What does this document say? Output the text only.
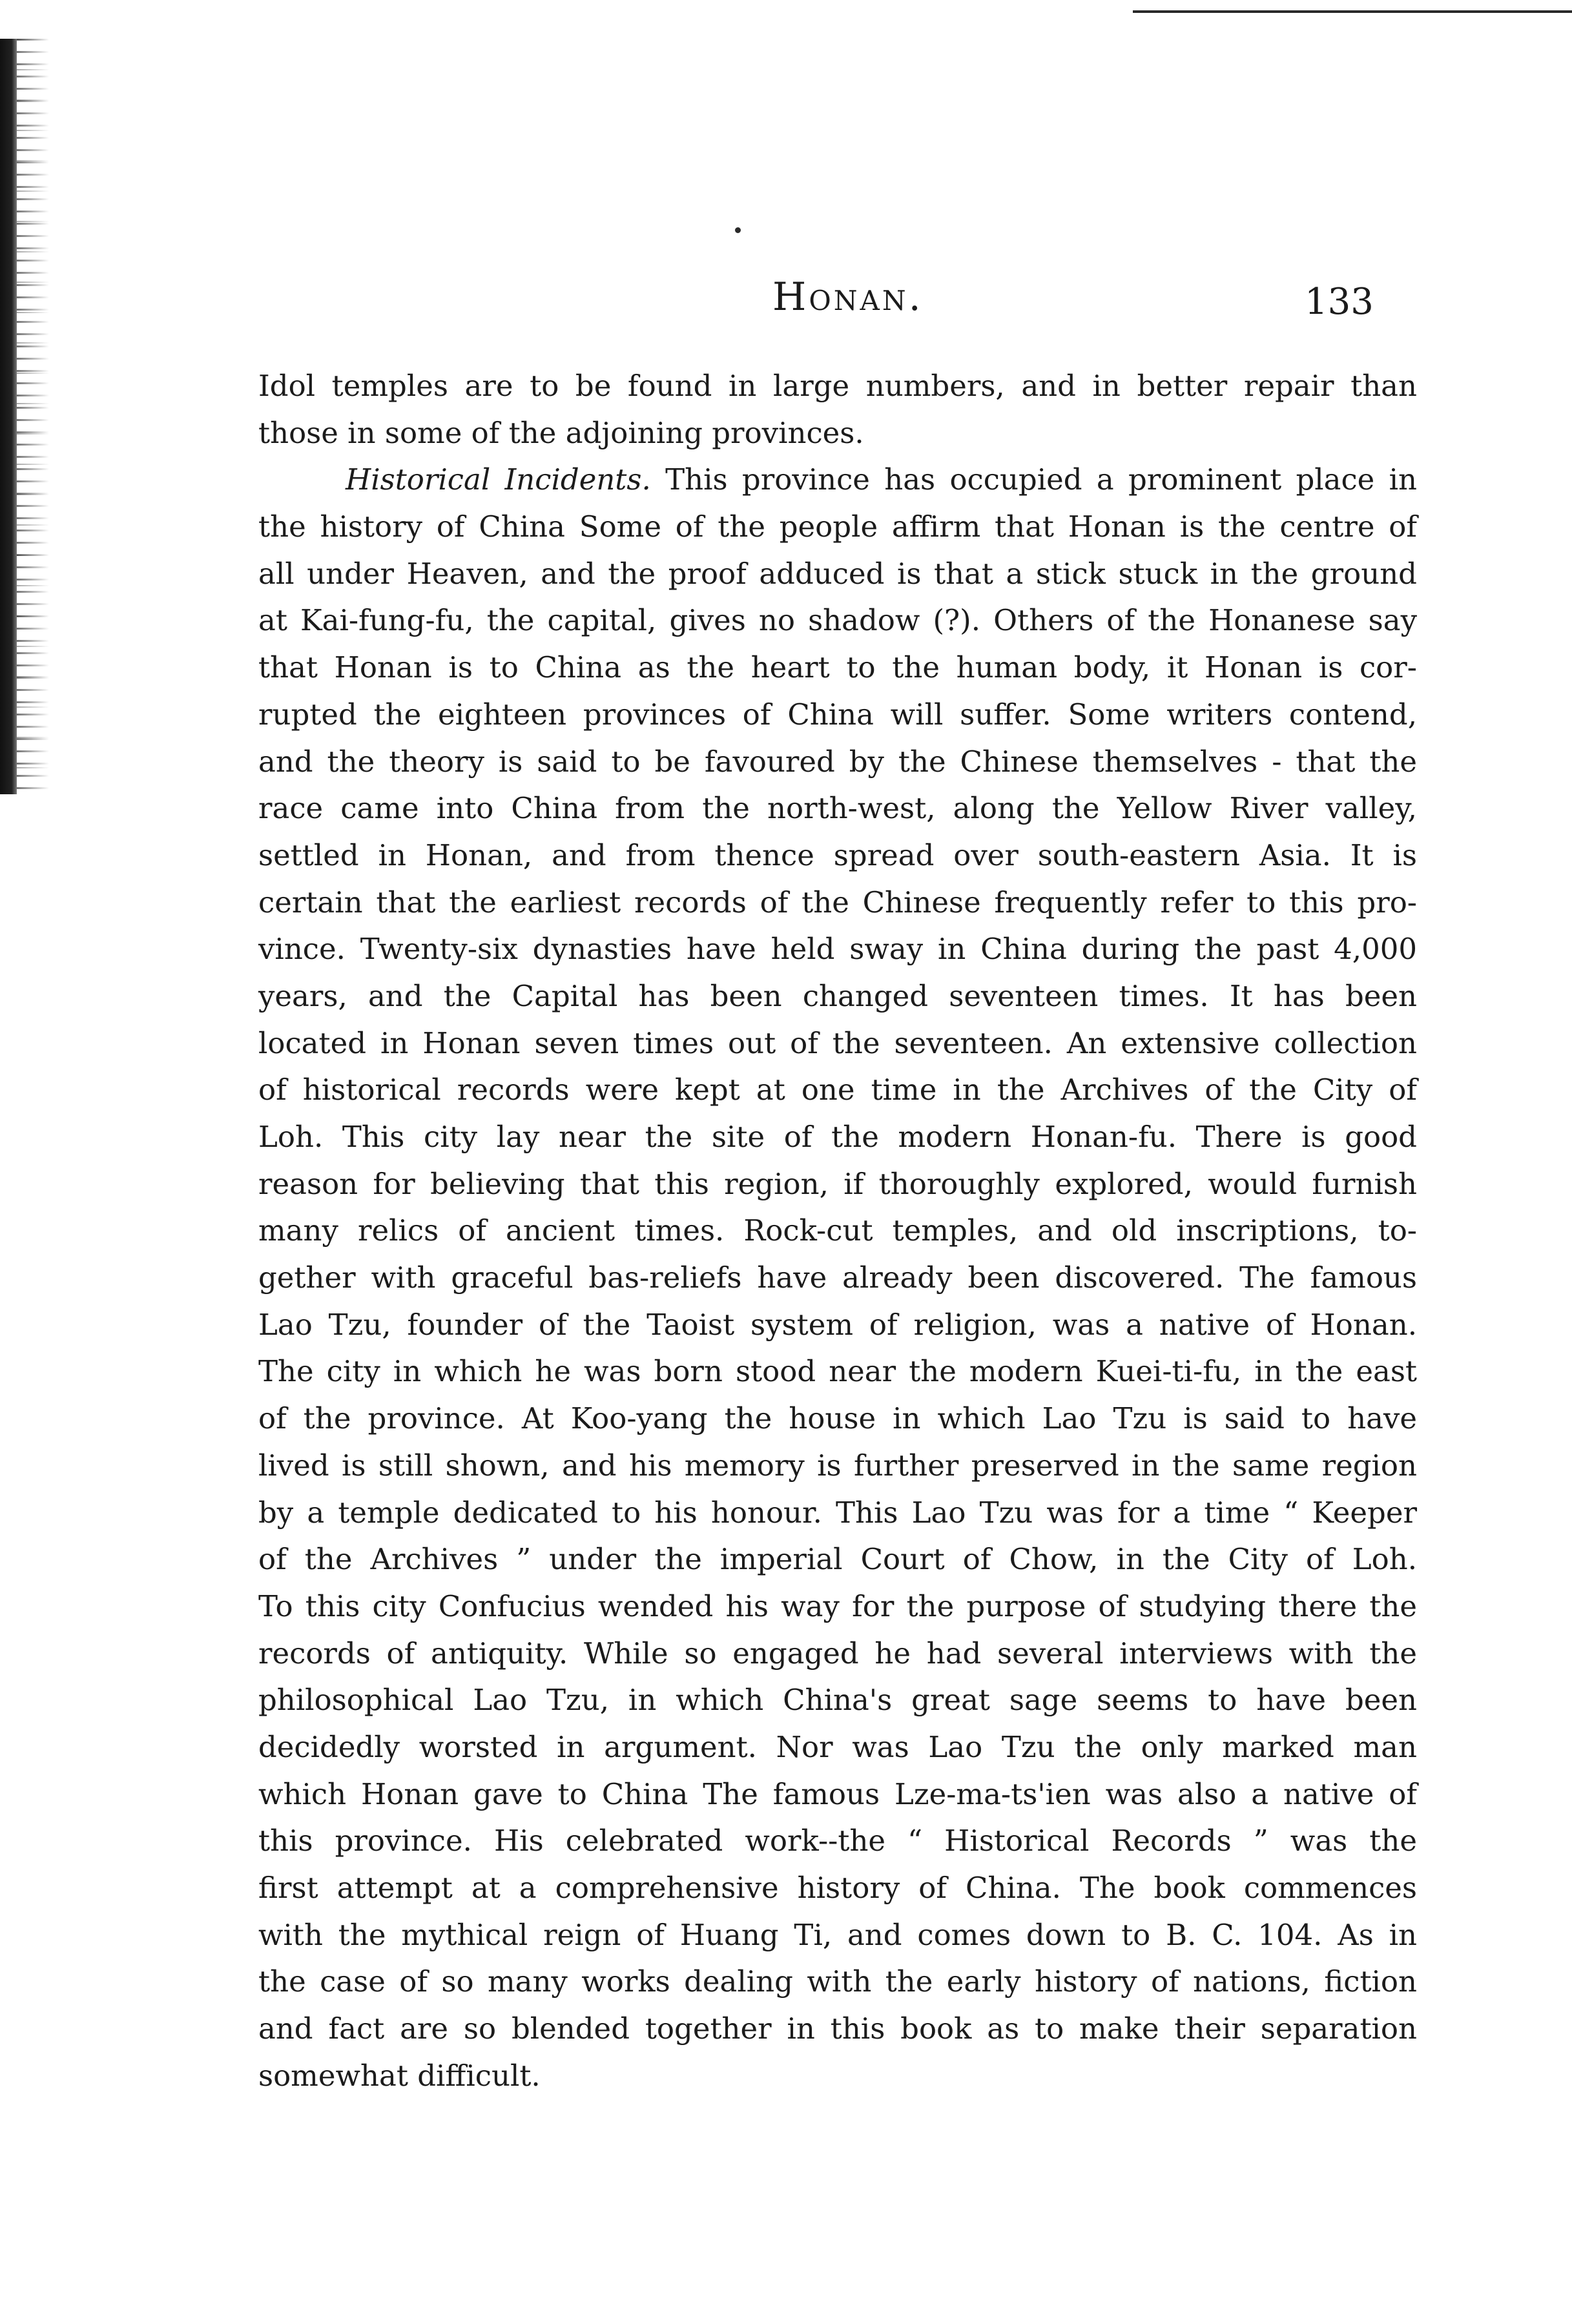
Honan.	133
Idol temples are to be found in large numbers, and in better repair than
those in some of the adjoining provinces.
Historical Incidents. This province has occupied a prominent place in
the history of China Some of the people affirm that Honan is the centre of
all under Heaven, and the proof adduced is that a stick stuck in the ground
at Kai-fung-fu, the capital, gives no shadow (?). Others of the Honanese say
that Honan is to China as the heart to the human body, it Honan is cor-
rupted the eighteen provinces of China will suffer. Some writers contend,
and the theory is said to be favoured by the Chinese themselves - that the
race came into China from the north-west, along the Yellow River valley,
settled in Honan, and from thence spread over south-eastern Asia. It is
certain that the earliest records of the Chinese frequently refer to this pro-
vince. Twenty-six dynasties have held sway in China during the past 4,000
years, and the Capital has been changed seventeen times. It has been
located in Honan seven times out of the seventeen. An extensive collection
of historical records were kept at one time in the Archives of the City of
Loh. This city lay near the site of the modern Honan-fu. There is good
reason for believing that this region, if thoroughly explored, would furnish
many relics of ancient times. Rock-cut temples, and old inscriptions, to-
gether with graceful bas-reliefs have already been discovered. The famous
Lao Tzu, founder of the Taoist system of religion, was a native of Honan.
The city in which he was born stood near the modern Kuei-ti-fu, in the east
of the province. At Koo-yang the house in which Lao Tzu is said to have
lived is still shown, and his memory is further preserved in the same region
by a temple dedicated to his honour. This Lao Tzu was for a time “ Keeper
of the Archives ” under the imperial Court of Chow, in the City of Loh.
To this city Confucius wended his way for the purpose of studying there the
records of antiquity. While so engaged he had several interviews with the
philosophical Lao Tzu, in which China's great sage seems to have been
decidedly worsted in argument. Nor was Lao Tzu the only marked man
which Honan gave to China The famous Lze-ma-ts'ien was also a native of
this province. His celebrated work--the “ Historical Records ” was the
first attempt at a comprehensive history of China. The book commences
with the mythical reign of Huang Ti, and comes down to B. C. 104. As in
the case of so many works dealing with the early history of nations, fiction
and fact are so blended together in this book as to make their separation
somewhat difficult.
